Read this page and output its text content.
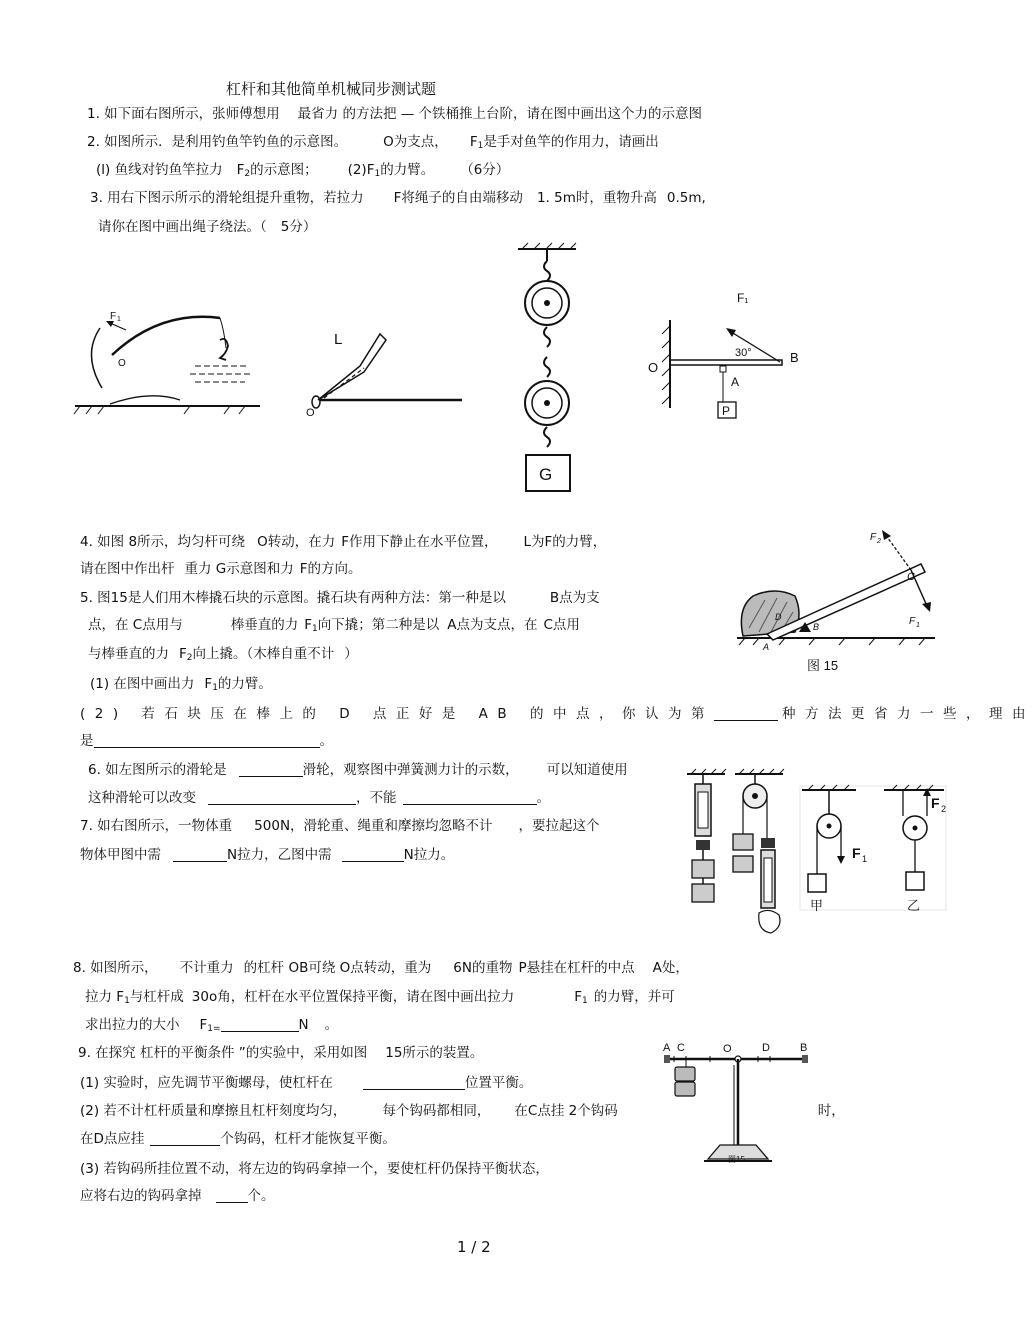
杠杆和其他简单机械同步测试题
1. 如下面右图所示，张师傅想用 最省力 的方法把 — 个铁桶推上台阶，请在图中画出这个力的示意图
2. 如图所示．是利用钓鱼竿钓鱼的示意图。	O为支点， $F_1$是手对鱼竿的作用力，请画出
(l) 鱼线对钓鱼竿拉力 $F_2$的示意图； $(2)F_1$的力臂。 （6分）
3. 用右下图示所示的滑轮组提升重物，若拉力 F将绳子的自由端移动 1. 5m时，重物升高 0.5m,
请你在图中画出绳子绕法。（ 5分）
F 1
O
L
O
G
F₁
30°	B
O
A
P
4. 如图 8所示，均匀杆可绕 O转动，在力 F作用下静止在水平位置， L为F的力臂，
请在图中作出杆 重力 G示意图和力 F的方向。
5. 图15是人们用木棒撬石块的示意图。撬石块有两种方法：第一种是以	B点为支
点，在 C点用与	棒垂直的力 $F_1$向下撬；第二种是以 A点为支点，在 C点用
与棒垂直的力 $F_2$向上撬。（木棒自重不计 ）
(1) 在图中画出力 $F_1$的力臂。
(2) 若石块压在棒上的 D 点正好是 AB 的中点，你认为第	种方法更省力一些，理由
是	。
F 2
C
D
B
A
F 1
图 15
6. 如左图所示的滑轮是	滑轮，观察图中弹簧测力计的示数， 可以知道使用
这种滑轮可以改变	，不能	。
7. 如右图所示，一物体重 500N，滑轮重、绳重和摩擦均忽略不计 ，要拉起这个
物体甲图中需	N拉力，乙图中需	N拉力。	F 1
甲
F 2
乙
8. 如图所示， 不计重力 的杠杆 OB可绕 O点转动，重为 6N的重物 P悬挂在杠杆的中点 A处，
拉力 $F_1$与杠杆成 30o角，杠杆在水平位置保持平衡，请在图中画出拉力	$F_1$ 的力臂，并可
求出拉力的大小 $F_{1=}$	N 。
9. 在探究 杠杆的平衡条件 ”的实验中，采用如图 15所示的装置。
(1) 实验时，应先调节平衡螺母，使杠杆在	位置平衡。
(2) 若不计杠杆质量和摩擦且杠杆刻度均匀，	每个钩码都相同， 在C点挂 2个钩码	时，
在D点应挂	个钩码，杠杆才能恢复平衡。
(3) 若钩码所挂位置不动，将左边的钩码拿掉一个，要使杠杆仍保持平衡状态，
应将右边的钩码拿掉	个。
A C	O	D	B
图15
1 / 2
